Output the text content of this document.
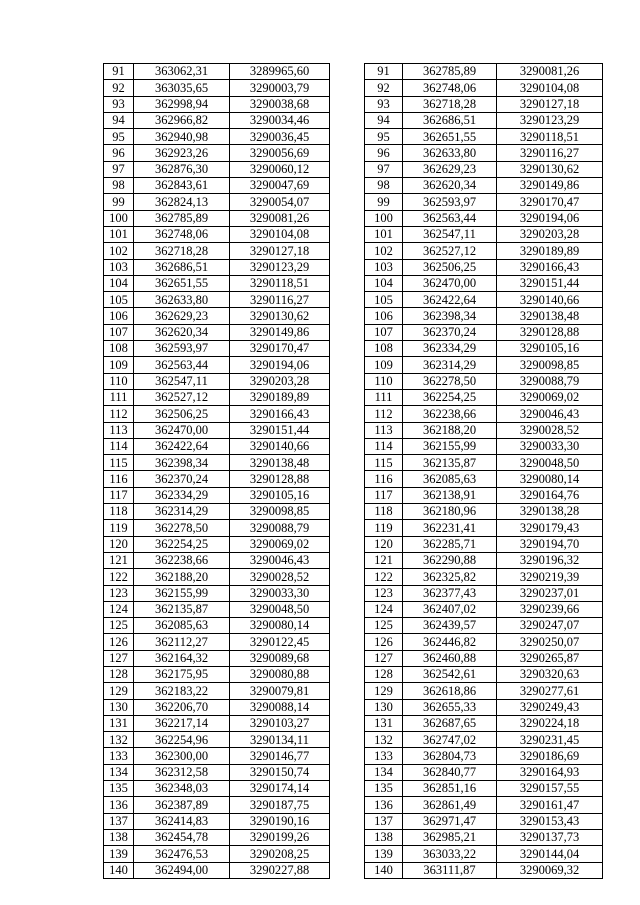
91	363062,31	3289965,60
92	363035,65	3290003,79
93	362998,94	3290038,68
94	362966,82	3290034,46
95	362940,98	3290036,45
96	362923,26	3290056,69
97	362876,30	3290060,12
98	362843,61	3290047,69
99	362824,13	3290054,07
100	362785,89	3290081,26
101	362748,06	3290104,08
102	362718,28	3290127,18
103	362686,51	3290123,29
104	362651,55	3290118,51
105	362633,80	3290116,27
106	362629,23	3290130,62
107	362620,34	3290149,86
108	362593,97	3290170,47
109	362563,44	3290194,06
110	362547,11	3290203,28
111	362527,12	3290189,89
112	362506,25	3290166,43
113	362470,00	3290151,44
114	362422,64	3290140,66
115	362398,34	3290138,48
116	362370,24	3290128,88
117	362334,29	3290105,16
118	362314,29	3290098,85
119	362278,50	3290088,79
120	362254,25	3290069,02
121	362238,66	3290046,43
122	362188,20	3290028,52
123	362155,99	3290033,30
124	362135,87	3290048,50
125	362085,63	3290080,14
126	362112,27	3290122,45
127	362164,32	3290089,68
128	362175,95	3290080,88
129	362183,22	3290079,81
130	362206,70	3290088,14
131	362217,14	3290103,27
132	362254,96	3290134,11
133	362300,00	3290146,77
134	362312,58	3290150,74
135	362348,03	3290174,14
136	362387,89	3290187,75
137	362414,83	3290190,16
138	362454,78	3290199,26
139	362476,53	3290208,25
140	362494,00	3290227,88
91	362785,89	3290081,26
92	362748,06	3290104,08
93	362718,28	3290127,18
94	362686,51	3290123,29
95	362651,55	3290118,51
96	362633,80	3290116,27
97	362629,23	3290130,62
98	362620,34	3290149,86
99	362593,97	3290170,47
100	362563,44	3290194,06
101	362547,11	3290203,28
102	362527,12	3290189,89
103	362506,25	3290166,43
104	362470,00	3290151,44
105	362422,64	3290140,66
106	362398,34	3290138,48
107	362370,24	3290128,88
108	362334,29	3290105,16
109	362314,29	3290098,85
110	362278,50	3290088,79
111	362254,25	3290069,02
112	362238,66	3290046,43
113	362188,20	3290028,52
114	362155,99	3290033,30
115	362135,87	3290048,50
116	362085,63	3290080,14
117	362138,91	3290164,76
118	362180,96	3290138,28
119	362231,41	3290179,43
120	362285,71	3290194,70
121	362290,88	3290196,32
122	362325,82	3290219,39
123	362377,43	3290237,01
124	362407,02	3290239,66
125	362439,57	3290247,07
126	362446,82	3290250,07
127	362460,88	3290265,87
128	362542,61	3290320,63
129	362618,86	3290277,61
130	362655,33	3290249,43
131	362687,65	3290224,18
132	362747,02	3290231,45
133	362804,73	3290186,69
134	362840,77	3290164,93
135	362851,16	3290157,55
136	362861,49	3290161,47
137	362971,47	3290153,43
138	362985,21	3290137,73
139	363033,22	3290144,04
140	363111,87	3290069,32
